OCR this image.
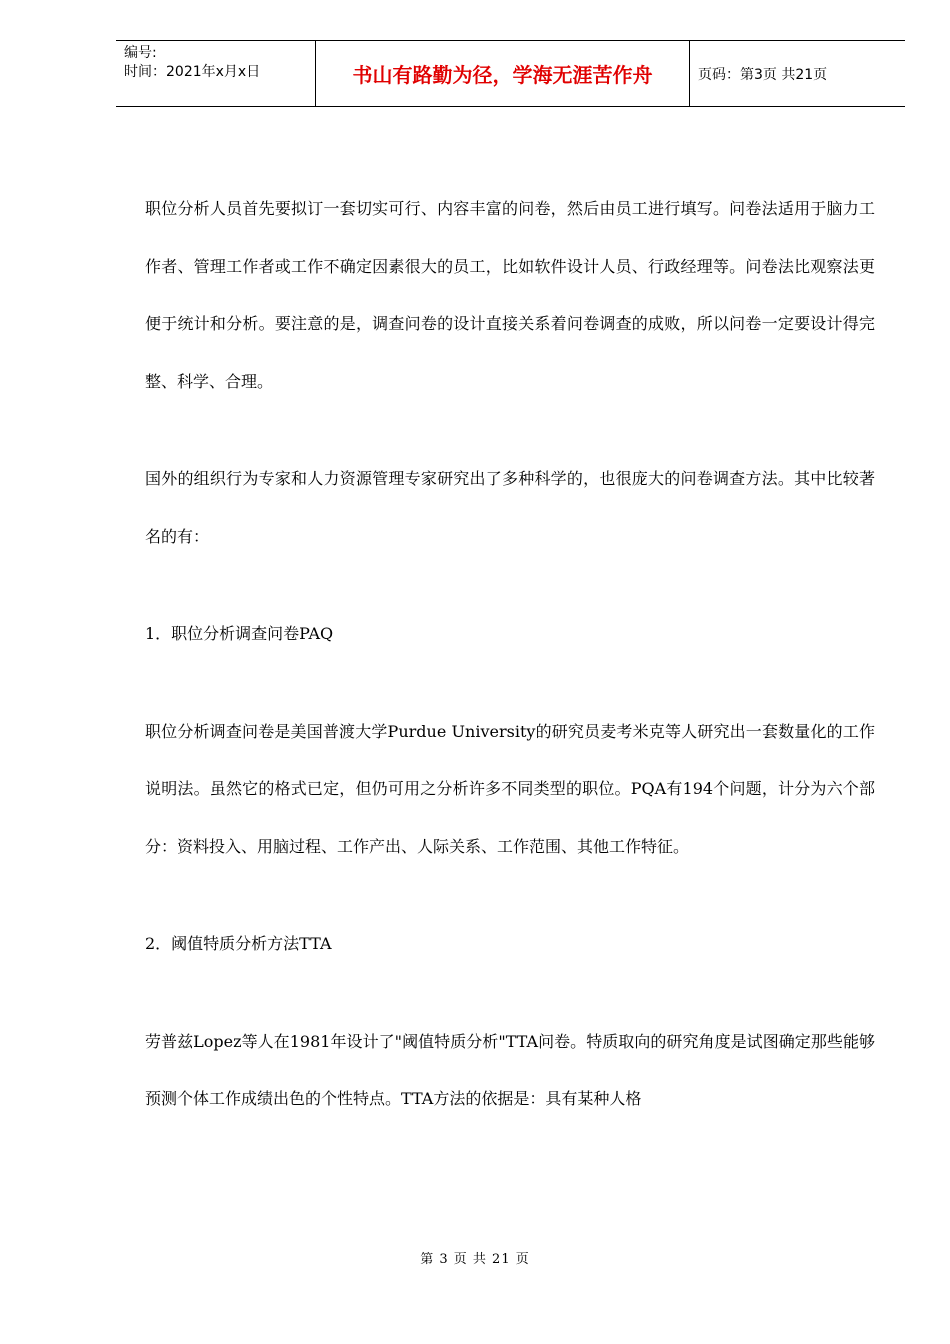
编号:
时间：2021年x月x日	书山有路勤为径，学海无涯苦作舟	页码：第3页 共21页

职位分析人员首先要拟订一套切实可行、内容丰富的问卷，然后由员工进行填写。问卷法适用于脑力工作者、管理工作者或工作不确定因素很大的员工，比如软件设计人员、行政经理等。问卷法比观察法更便于统计和分析。要注意的是，调查问卷的设计直接关系着问卷调查的成败，所以问卷一定要设计得完整、科学、合理。

国外的组织行为专家和人力资源管理专家研究出了多种科学的，也很庞大的问卷调查方法。其中比较著名的有：

1．职位分析调查问卷PAQ

职位分析调查问卷是美国普渡大学Purdue University的研究员麦考米克等人研究出一套数量化的工作说明法。虽然它的格式已定，但仍可用之分析许多不同类型的职位。PQA有194个问题，计分为六个部分：资料投入、用脑过程、工作产出、人际关系、工作范围、其他工作特征。

2．阈值特质分析方法TTA

劳普兹Lopez等人在1981年设计了"阈值特质分析"TTA问卷。特质取向的研究角度是试图确定那些能够预测个体工作成绩出色的个性特点。TTA方法的依据是：具有某种人格

第 3 页 共 21 页
